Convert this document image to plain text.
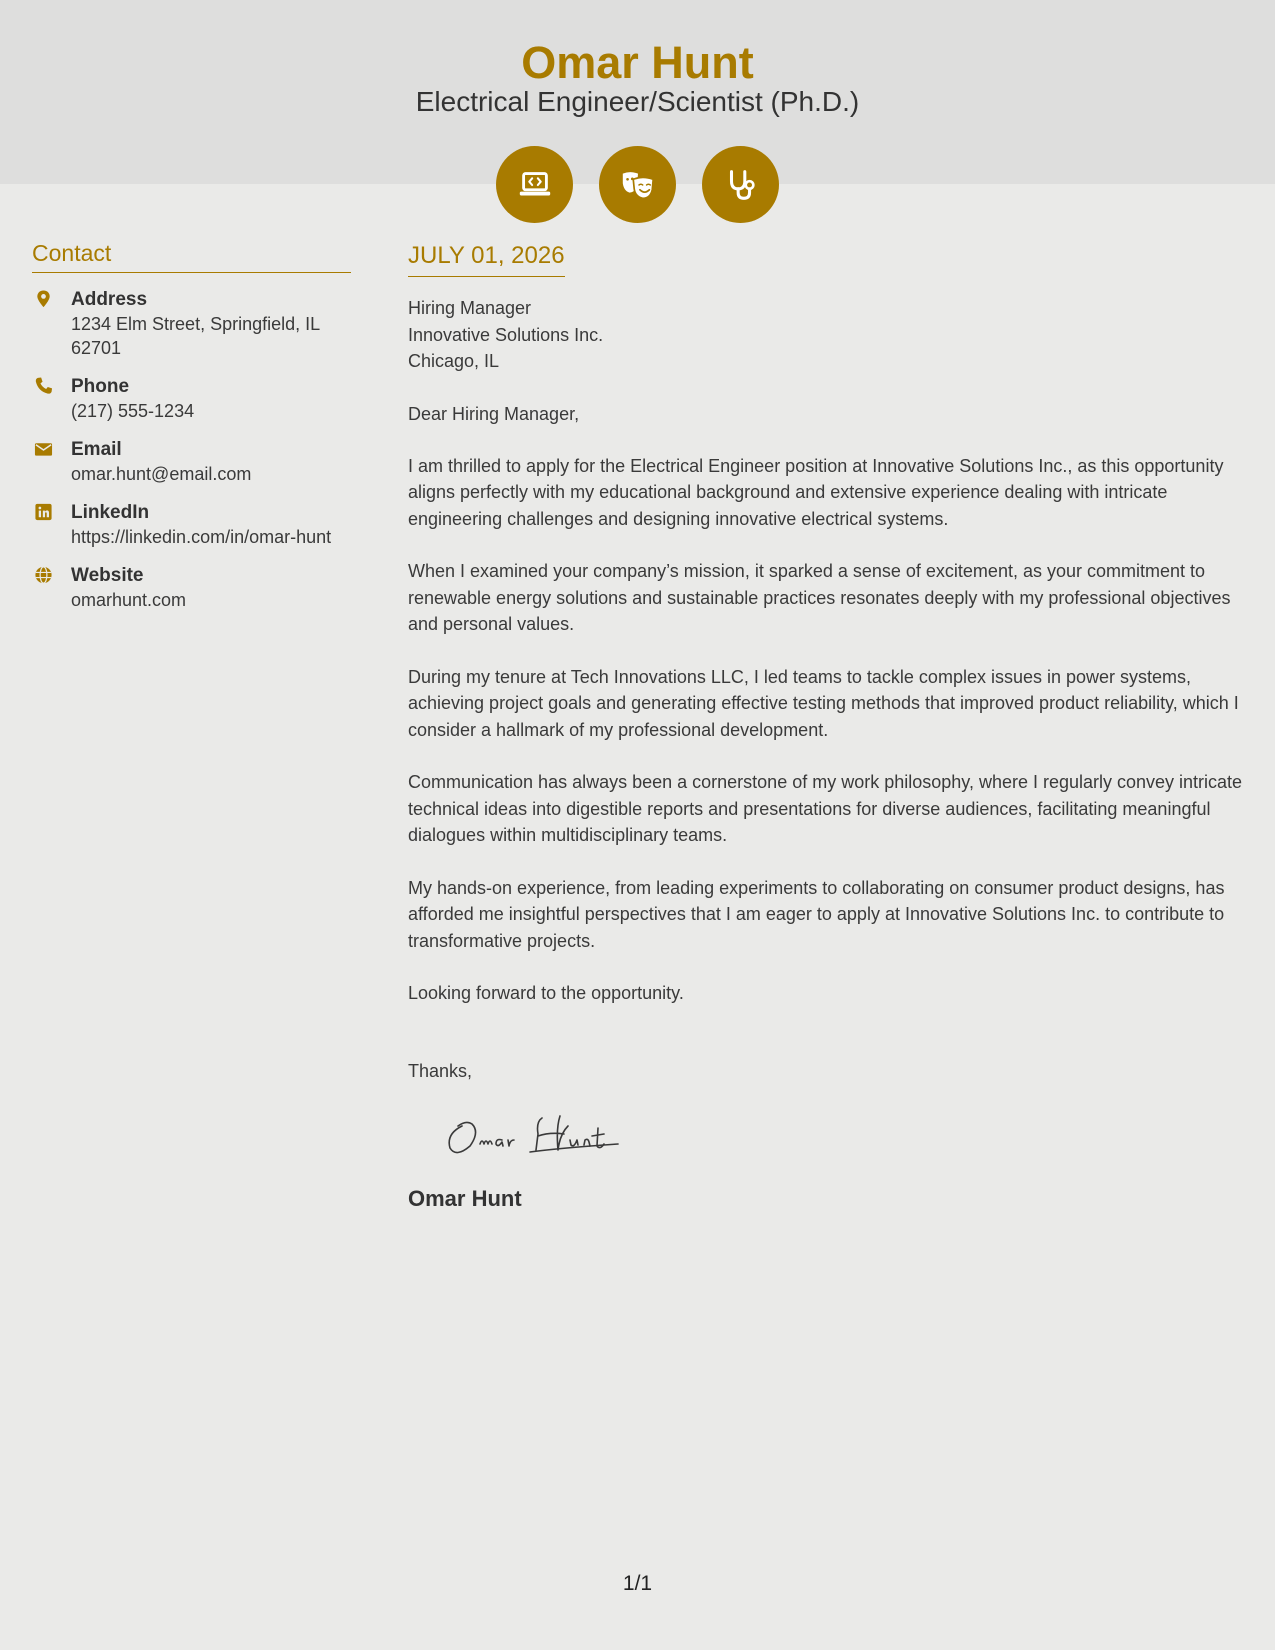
Omar Hunt
Electrical Engineer/Scientist (Ph.D.)
Contact
Address
1234 Elm Street, Springfield, IL 62701
Phone
(217) 555-1234
Email
omar.hunt@email.com
LinkedIn
https://linkedin.com/in/omar-hunt
Website
omarhunt.com
JULY 01, 2026
Hiring Manager
Innovative Solutions Inc.
Chicago, IL
Dear Hiring Manager,
I am thrilled to apply for the Electrical Engineer position at Innovative Solutions Inc., as this opportunity aligns perfectly with my educational background and extensive experience dealing with intricate engineering challenges and designing innovative electrical systems.
When I examined your company’s mission, it sparked a sense of excitement, as your commitment to renewable energy solutions and sustainable practices resonates deeply with my professional objectives and personal values.
During my tenure at Tech Innovations LLC, I led teams to tackle complex issues in power systems, achieving project goals and generating effective testing methods that improved product reliability, which I consider a hallmark of my professional development.
Communication has always been a cornerstone of my work philosophy, where I regularly convey intricate technical ideas into digestible reports and presentations for diverse audiences, facilitating meaningful dialogues within multidisciplinary teams.
My hands-on experience, from leading experiments to collaborating on consumer product designs, has afforded me insightful perspectives that I am eager to apply at Innovative Solutions Inc. to contribute to transformative projects.
Looking forward to the opportunity.
Thanks,
Omar Hunt
1/1
